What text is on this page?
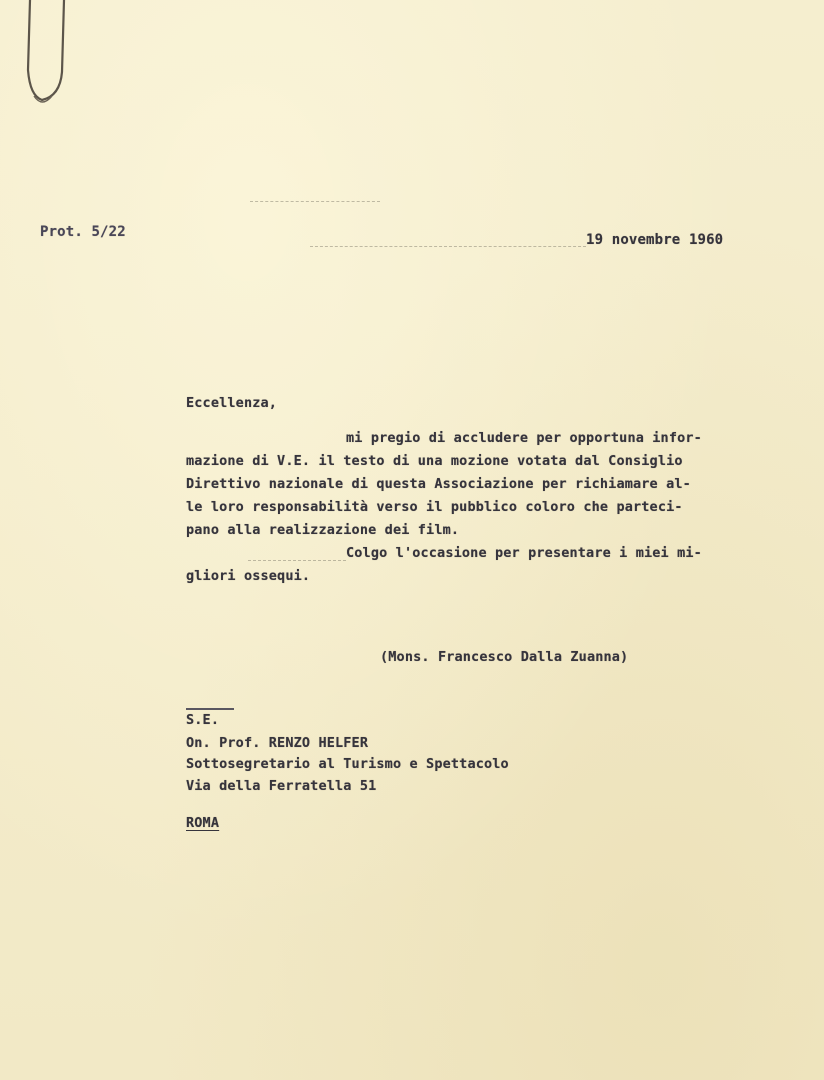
Prot. 5/22	19 novembre 1960
Eccellenza,
mi pregio di accludere per opportuna infor-
mazione di V.E. il testo di una mozione votata dal Consiglio
Direttivo nazionale di questa Associazione per richiamare al-
le loro responsabilità verso il pubblico coloro che parteci-
pano alla realizzazione dei film.
Colgo l'occasione per presentare i miei mi-
gliori ossequi.
(Mons. Francesco Dalla Zuanna)
S.E.
On. Prof. RENZO HELFER
Sottosegretario al Turismo e Spettacolo
Via della Ferratella 51
ROMA
